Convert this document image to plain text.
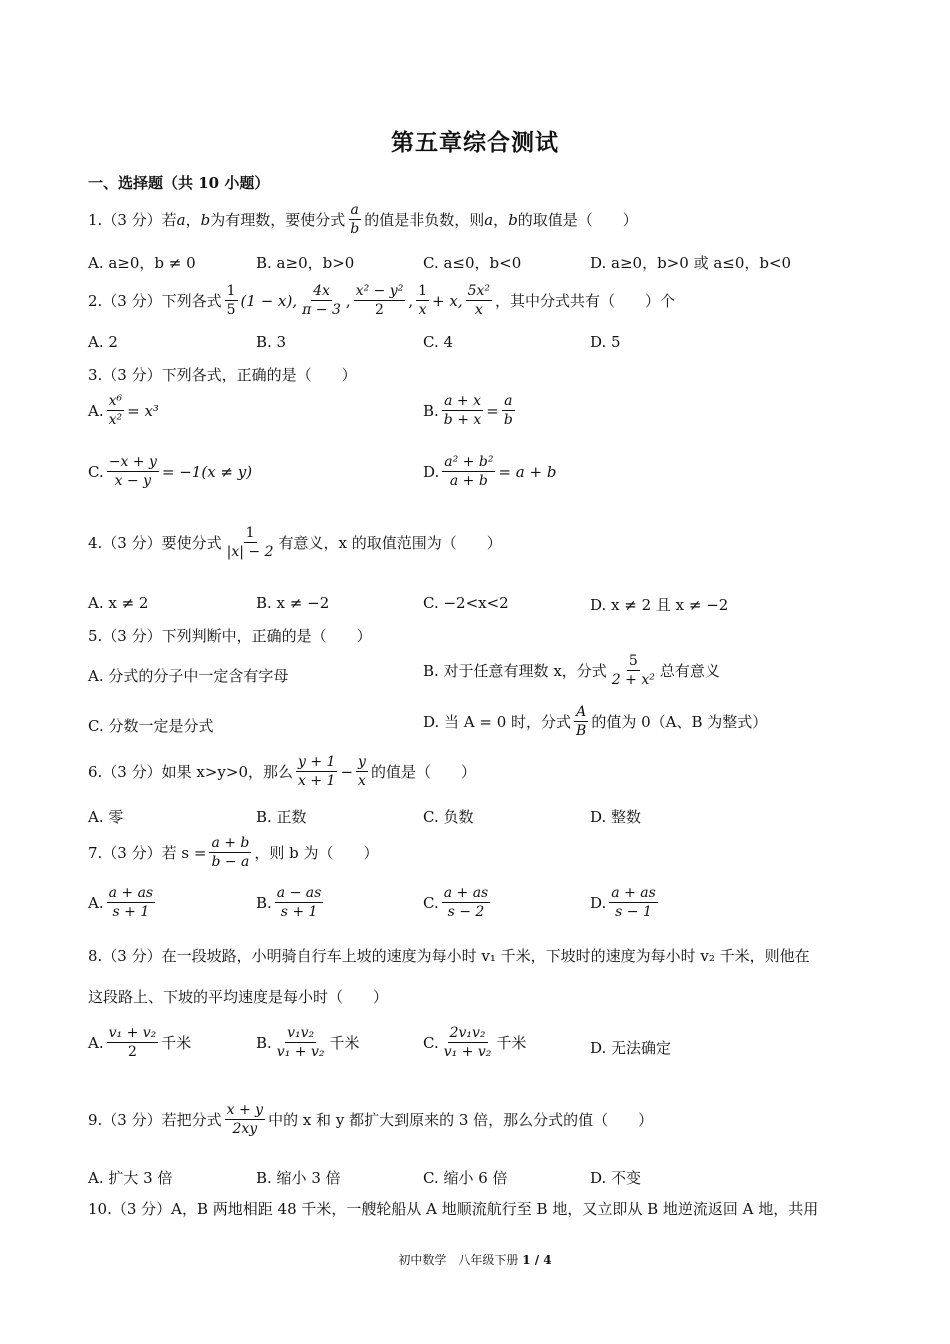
第五章综合测试
一、选择题（共 10 小题）
1. （3 分） 若 a ， b 为有理数，要使分式 $\frac{a}{b}$ 的值是非负数，则 a ， b 的取值是（　　）
A. a≥0，b ≠ 0	B. a≥0，b>0	C. a≤0，b<0	D. a≥0，b>0 或 a≤0，b<0
2.（3 分）下列各式 $\frac{1}{5} (1 - x)$, $\frac{4x}{\pi - 3}$ , $\frac{\text{x² − y²}}{2}$ , $\frac{1}{x} + x$, $\frac{\text{5x²}}{x}$ ，其中分式共有（　　）个
A. 2	B. 3	C. 4	D. 5
3.（3 分）下列各式，正确的是（　　）
A. $\frac{\text{x⁶}}{\text{x²}} = x^3$	B. $\frac{a + x}{b + x} = \frac{a}{b}$
C. $\frac{-x + y}{x - y} = -1(x \ne y)$	D. $\frac{\text{a² + b²}}{a + b} = a + b$
4.（3 分）要使分式 $\frac{1}{|x| - 2}$ 有意义，x 的取值范围为（　　）
A. x ≠ 2	B. x ≠ −2	C. −2<x<2	D. x ≠ 2 且 x ≠ −2
5.（3 分）下列判断中，正确的是（　　）
A. 分式的分子中一定含有字母	B. 对于任意有理数 x，分式 $\frac{5}{\text{2 + x²}}$ 总有意义
C. 分数一定是分式	D. 当 A = 0 时，分式 $\frac{A}{B}$ 的值为 0（A、B 为整式）
6.（3 分）如果 x>y>0，那么 $\frac{y + 1}{x + 1} - \frac{y}{x}$ 的值是（　　）
A. 零	B. 正数	C. 负数	D. 整数
7.（3 分）若 $s = \frac{a + b}{b - a}$ ，则 b 为（　　）
A. $\frac{a + as}{s + 1}$	B. $\frac{a - as}{s + 1}$	C. $\frac{a + as}{s - 2}$	D. $\frac{a + as}{s - 1}$
8.（3 分）在一段坡路，小明骑自行车上坡的速度为每小时 v₁ 千米，下坡时的速度为每小时 v₂ 千米，则他在
这段路上、下坡的平均速度是每小时（　　）
A. $\frac{\text{v₁ + v₂}}{2}$ 千米	B. $\frac{\text{v₁v₂}}{\text{v₁ + v₂}}$ 千米	C. $\frac{\text{2v₁v₂}}{\text{v₁ + v₂}}$ 千米	D. 无法确定
9.（3 分）若把分式 $\frac{x + y}{2xy}$ 中的 x 和 y 都扩大到原来的 3 倍，那么分式的值（　　）
A. 扩大 3 倍	B. 缩小 3 倍	C. 缩小 6 倍	D. 不变
10.（3 分）A，B 两地相距 48 千米，一艘轮船从 A 地顺流航行至 B 地，又立即从 B 地逆流返回 A 地，共用
初中数学　八年级下册 1 / 4
